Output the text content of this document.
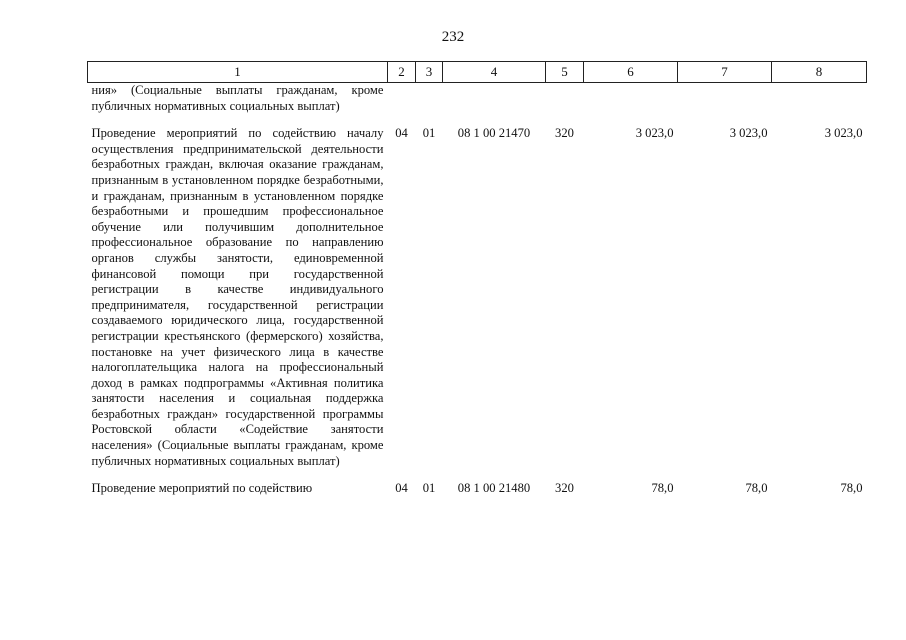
232
1	2	3	4	5	6	7	8
ния» (Социальные выплаты гражданам, кроме публичных нормативных социальных выплат)							

Проведение мероприятий по содействию началу осуществления предпринимательской деятельности безработных граждан, включая оказание гражданам, признанным в установленном порядке безработными, и гражданам, признанным в установленном порядке безработными и прошедшим профессиональное обучение или получившим дополнительное профессиональное образование по направлению органов службы занятости, единовременной финансовой помощи при государственной регистрации в качестве индивидуального предпринимателя, государственной регистрации создаваемого юридического лица, государственной регистрации крестьянского (фермерского) хозяйства, постановке на учет физического лица в качестве налогоплательщика налога на профессиональный доход в рамках подпрограммы «Активная политика занятости населения и социальная поддержка безработных граждан» государственной программы Ростовской области «Содействие занятости населения» (Социальные выплаты гражданам, кроме публичных нормативных социальных выплат)	04	01	08 1 00 21470	320	3 023,0	3 023,0	3 023,0

Проведение мероприятий по содействию	04	01	08 1 00 21480	320	78,0	78,0	78,0
